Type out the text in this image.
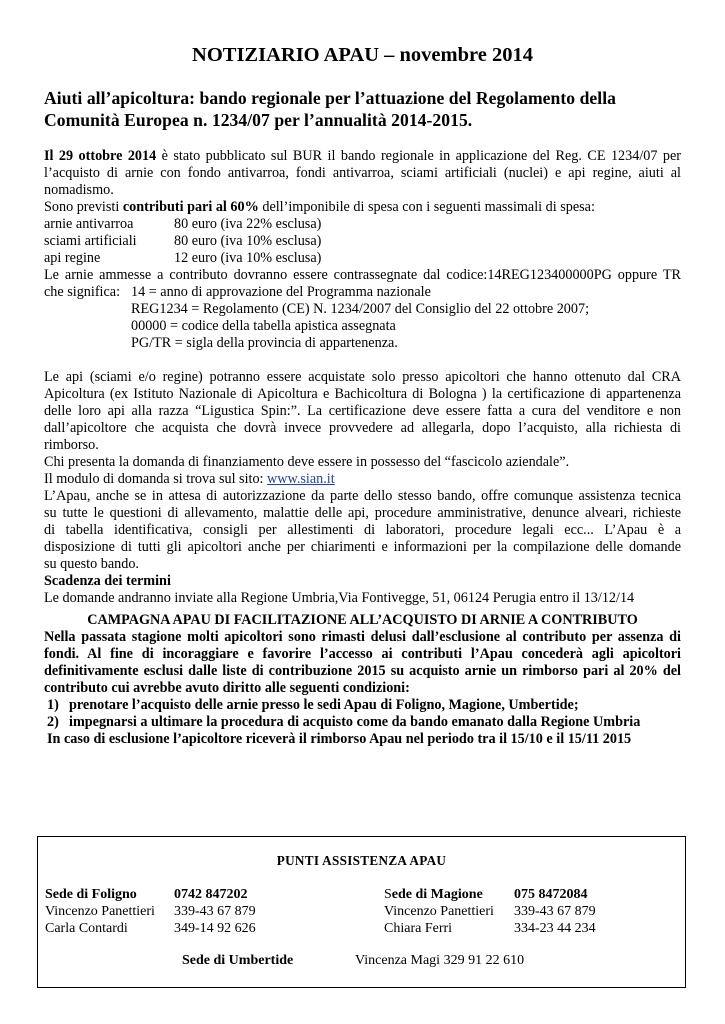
NOTIZIARIO APAU – novembre 2014
Aiuti all’apicoltura: bando regionale per l’attuazione del Regolamento della
Comunità Europea n. 1234/07 per l’annualità 2014-2015.
Il 29 ottobre 2014 è stato pubblicato sul BUR il bando regionale in applicazione del Reg. CE 1234/07 per
l’acquisto di arnie con fondo antivarroa, fondi antivarroa, sciami artificiali (nuclei) e api regine, aiuti al
nomadismo.
Sono previsti contributi pari al 60% dell’imponibile di spesa con i seguenti massimali di spesa:
arnie antivarroa	80 euro (iva 22% esclusa)
sciami artificiali	80 euro (iva 10% esclusa)
api regine	12 euro (iva 10% esclusa)
Le arnie ammesse a contributo dovranno essere contrassegnate dal codice:14REG123400000PG oppure TR
che significa: 14 = anno di approvazione del Programma nazionale
REG1234 = Regolamento (CE) N. 1234/2007 del Consiglio del 22 ottobre 2007;
00000 = codice della tabella apistica assegnata
PG/TR = sigla della provincia di appartenenza.
Le api (sciami e/o regine) potranno essere acquistate solo presso apicoltori che hanno ottenuto dal CRA
Apicoltura (ex Istituto Nazionale di Apicoltura e Bachicoltura di Bologna ) la certificazione di appartenenza
delle loro api alla razza “Ligustica Spin:”. La certificazione deve essere fatta a cura del venditore e non
dall’apicoltore che acquista che dovrà invece provvedere ad allegarla, dopo l’acquisto, alla richiesta di
rimborso.
Chi presenta la domanda di finanziamento deve essere in possesso del “fascicolo aziendale”.
Il modulo di domanda si trova sul sito: www.sian.it
L’Apau, anche se in attesa di autorizzazione da parte dello stesso bando, offre comunque assistenza tecnica
su tutte le questioni di allevamento, malattie delle api, procedure amministrative, denunce alveari, richieste
di tabella identificativa, consigli per allestimenti di laboratori, procedure legali ecc... L’Apau è a
disposizione di tutti gli apicoltori anche per chiarimenti e informazioni per la compilazione delle domande
su questo bando.
Scadenza dei termini
Le domande andranno inviate alla Regione Umbria,Via Fontivegge, 51, 06124 Perugia entro il 13/12/14
CAMPAGNA APAU DI FACILITAZIONE ALL’ACQUISTO DI ARNIE A CONTRIBUTO
Nella passata stagione molti apicoltori sono rimasti delusi dall’esclusione al contributo per assenza di
fondi. Al fine di incoraggiare e favorire l’accesso ai contributi l’Apau concederà agli apicoltori
definitivamente esclusi dalle liste di contribuzione 2015 su acquisto arnie un rimborso pari al 20% del
contributo cui avrebbe avuto diritto alle seguenti condizioni:
1) prenotare l’acquisto delle arnie presso le sedi Apau di Foligno, Magione, Umbertide;
2) impegnarsi a ultimare la procedura di acquisto come da bando emanato dalla Regione Umbria
In caso di esclusione l’apicoltore riceverà il rimborso Apau nel periodo tra il 15/10 e il 15/11 2015
PUNTI ASSISTENZA APAU
Sede di Foligno	0742 847202
Vincenzo Panettieri 339-43 67 879
Carla Contardi	349-14 92 626
Sede di Magione 075 8472084
Vincenzo Panettieri 339-43 67 879
Chiara Ferri	334-23 44 234
Sede di Umbertide	Vincenza Magi 329 91 22 610
